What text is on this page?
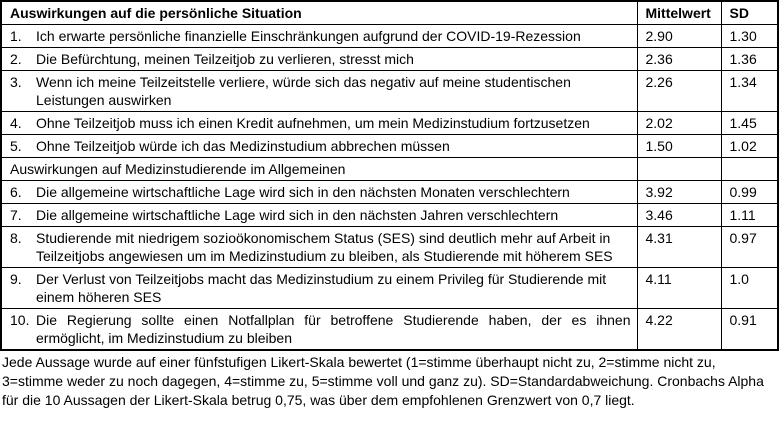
Auswirkungen auf die persönliche Situation	Mittelwert	SD

1. Ich erwarte persönliche finanzielle Einschränkungen aufgrund der COVID-19-Rezession	2.90	1.30

2. Die Befürchtung, meinen Teilzeitjob zu verlieren, stresst mich	2.36	1.36

3. Wenn ich meine Teilzeitstelle verliere, würde sich das negativ auf meine studentischen Leistungen auswirken	2.26	1.34

4. Ohne Teilzeitjob muss ich einen Kredit aufnehmen, um mein Medizinstudium fortzusetzen	2.02	1.45

5. Ohne Teilzeitjob würde ich das Medizinstudium abbrechen müssen	1.50	1.02
Auswirkungen auf Medizinstudierende im Allgemeinen		

6. Die allgemeine wirtschaftliche Lage wird sich in den nächsten Monaten verschlechtern	3.92	0.99

7. Die allgemeine wirtschaftliche Lage wird sich in den nächsten Jahren verschlechtern	3.46	1.11

8. Studierende mit niedrigem sozioökonomischem Status (SES) sind deutlich mehr auf Arbeit in Teilzeitjobs angewiesen um im Medizinstudium zu bleiben, als Studierende mit höherem SES	4.31	0.97

9. Der Verlust von Teilzeitjobs macht das Medizinstudium zu einem Privileg für Studierende mit einem höheren SES	4.11	1.0

10. Die Regierung sollte einen Notfallplan für betroffene Studierende haben, der es ihnen ermöglicht, im Medizinstudium zu bleiben	4.22	0.91
Jede Aussage wurde auf einer fünfstufigen Likert-Skala bewertet (1=stimme überhaupt nicht zu, 2=stimme nicht zu, 3=stimme weder zu noch dagegen, 4=stimme zu, 5=stimme voll und ganz zu). SD=Standardabweichung. Cronbachs Alpha für die 10 Aussagen der Likert-Skala betrug 0,75, was über dem empfohlenen Grenzwert von 0,7 liegt.
